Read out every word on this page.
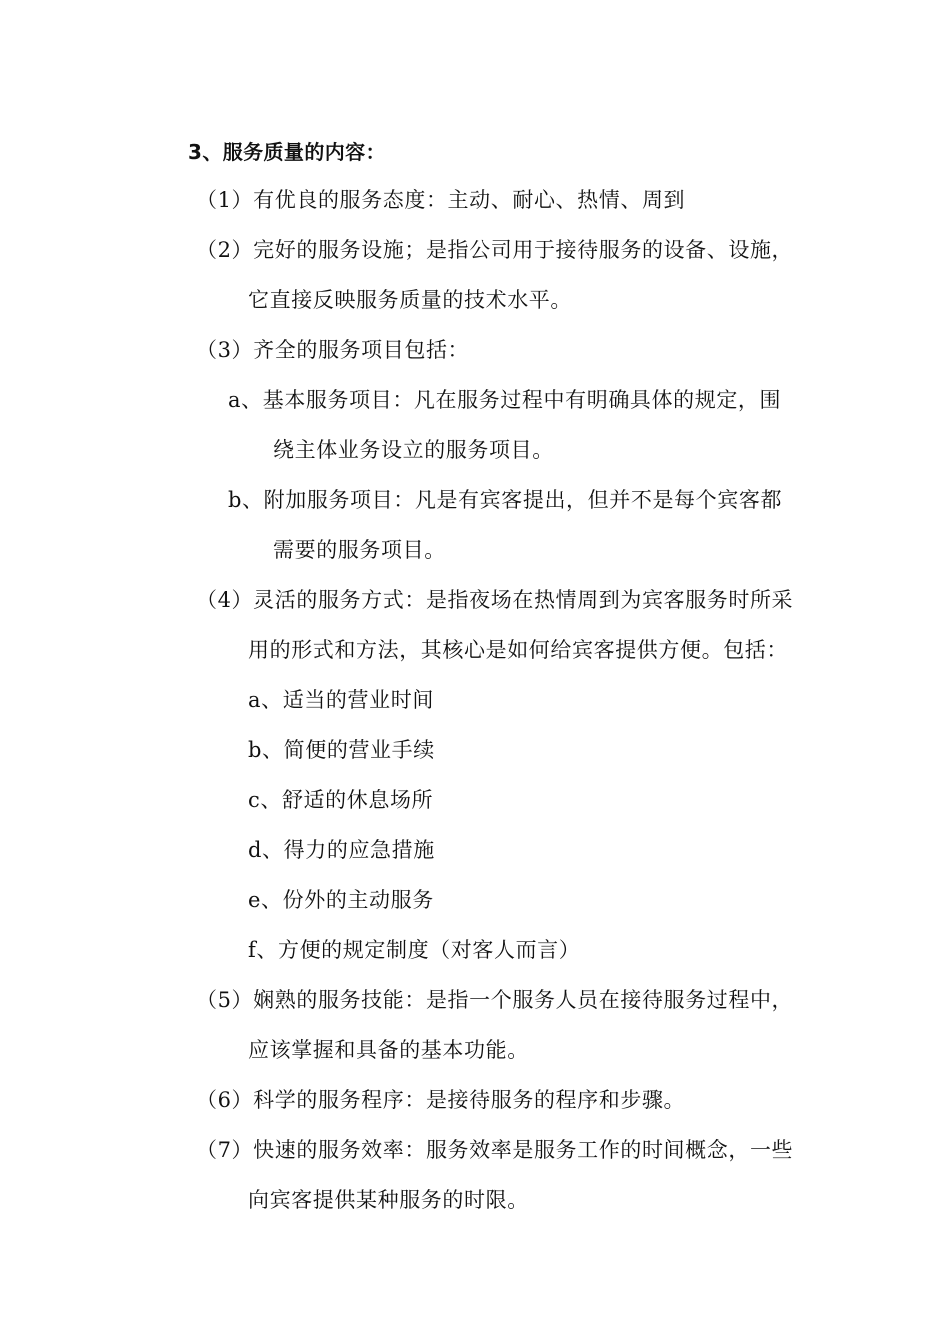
3、服务质量的内容：
（1）有优良的服务态度：主动、耐心、热情、周到
（2）完好的服务设施；是指公司用于接待服务的设备、设施，
它直接反映服务质量的技术水平。
（3）齐全的服务项目包括：
a、基本服务项目：凡在服务过程中有明确具体的规定，围
绕主体业务设立的服务项目。
b、附加服务项目：凡是有宾客提出，但并不是每个宾客都
需要的服务项目。
（4）灵活的服务方式：是指夜场在热情周到为宾客服务时所采
用的形式和方法，其核心是如何给宾客提供方便。包括：
a、适当的营业时间
b、简便的营业手续
c、舒适的休息场所
d、得力的应急措施
e、份外的主动服务
f、方便的规定制度（对客人而言）
（5）娴熟的服务技能：是指一个服务人员在接待服务过程中，
应该掌握和具备的基本功能。
（6）科学的服务程序：是接待服务的程序和步骤。
（7）快速的服务效率：服务效率是服务工作的时间概念，一些
向宾客提供某种服务的时限。
